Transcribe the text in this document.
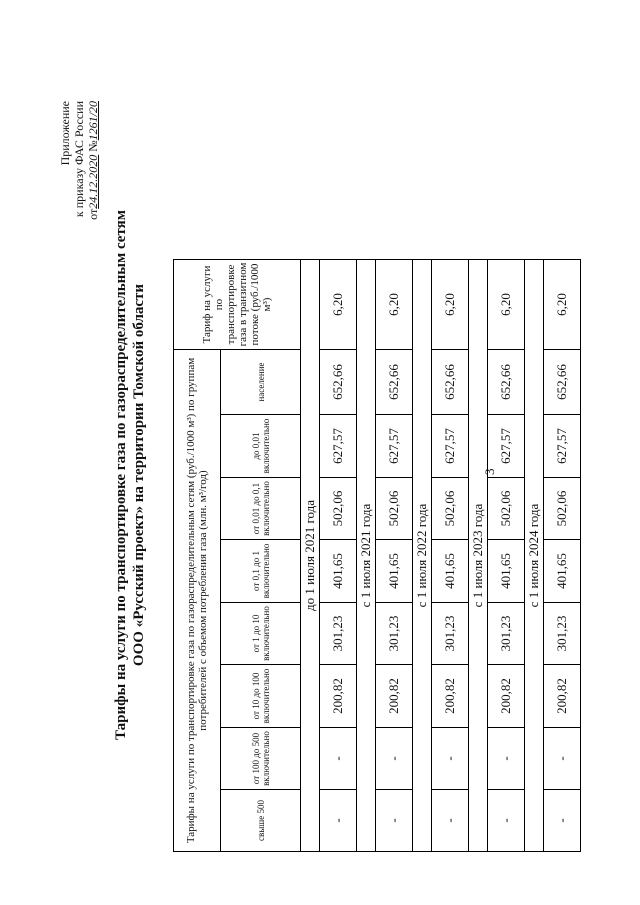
3
Приложение к приказу ФАС России от24.12.2020 №1261/20
Тарифы на услуги по транспортировке газа по газораспределительным сетям ООО «Русский проект» на территории Томской области	Тарифы на услуги по транспортировке газа по газораспределительным сетям (руб./1000 м³) по группам потребителей с объемом потребления газа (млн. м³/год)								Тариф на услуги по транспортировке газа в транзитном потоке (руб./1000 м³)
свыше 500	от 100 до 500 включительно	от 10 до 100 включительно	от 1 до 10 включительно	от 0,1 до 1 включительно	от 0,01 до 0,1 включительно	до 0,01 включительно	население	
до 1 июля 2021 года								
-	-	200,82	301,23	401,65	502,06	627,57	652,66	6,20
с 1 июля 2021 года								
-	-	200,82	301,23	401,65	502,06	627,57	652,66	6,20
с 1 июля 2022 года								
-	-	200,82	301,23	401,65	502,06	627,57	652,66	6,20
с 1 июля 2023 года								
-	-	200,82	301,23	401,65	502,06	627,57	652,66	6,20
с 1 июля 2024 года								
-	-	200,82	301,23	401,65	502,06	627,57	652,66	6,20
